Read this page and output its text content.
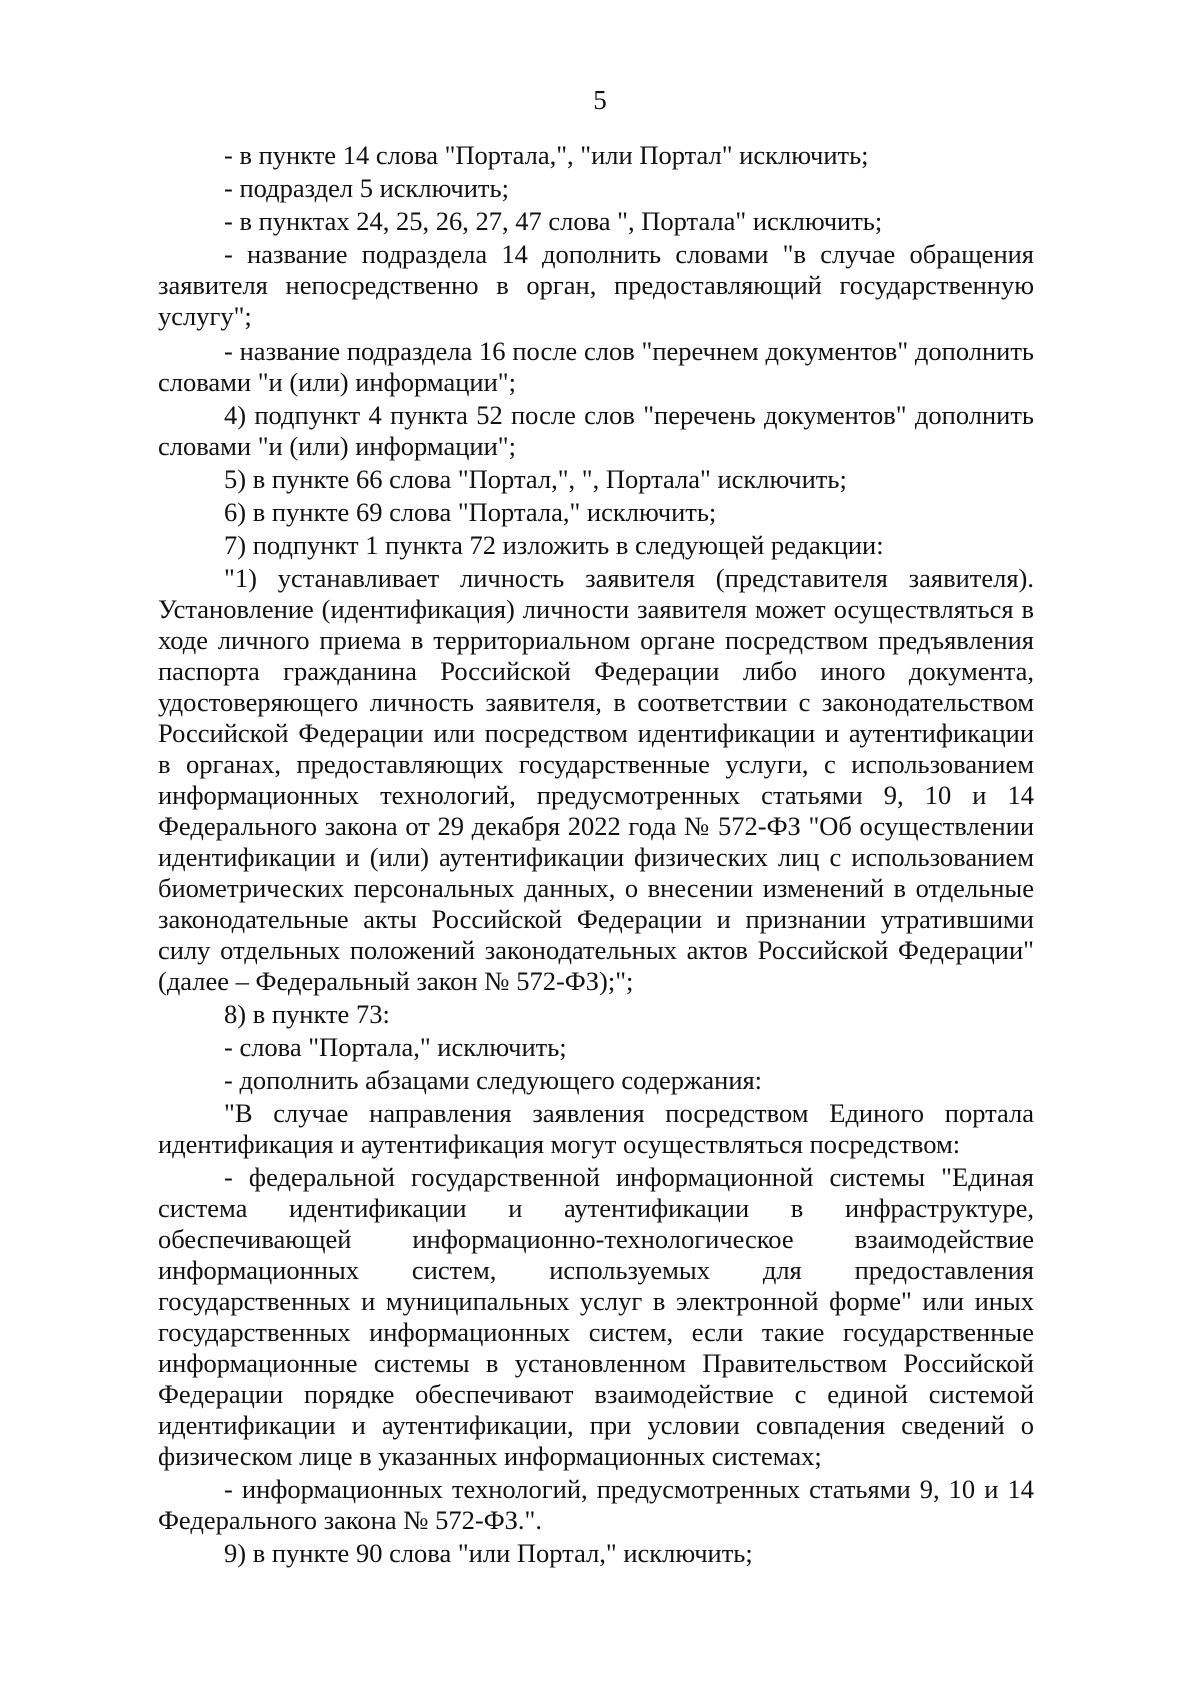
5

- в пункте 14 слова "Портала,", "или Портал" исключить;

- подраздел 5 исключить;

- в пунктах 24, 25, 26, 27, 47 слова ", Портала" исключить;

- название подраздела 14 дополнить словами "в случае обращения заявителя непосредственно в орган, предоставляющий государственную услугу";

- название подраздела 16 после слов "перечнем документов" дополнить словами "и (или) информации";

4) подпункт 4 пункта 52 после слов "перечень документов" дополнить словами "и (или) информации";

5) в пункте 66 слова "Портал,", ", Портала" исключить;

6) в пункте 69 слова "Портала," исключить;

7) подпункт 1 пункта 72 изложить в следующей редакции:

"1) устанавливает личность заявителя (представителя заявителя). Установление (идентификация) личности заявителя может осуществляться в ходе личного приема в территориальном органе посредством предъявления паспорта гражданина Российской Федерации либо иного документа, удостоверяющего личность заявителя, в соответствии с законодательством Российской Федерации или посредством идентификации и аутентификации в органах, предоставляющих государственные услуги, с использованием информационных технологий, предусмотренных статьями 9, 10 и 14 Федерального закона от 29 декабря 2022 года № 572-ФЗ "Об осуществлении идентификации и (или) аутентификации физических лиц с использованием биометрических персональных данных, о внесении изменений в отдельные законодательные акты Российской Федерации и признании утратившими силу отдельных положений законодательных актов Российской Федерации" (далее – Федеральный закон № 572-ФЗ);";

8) в пункте 73:

- слова "Портала," исключить;

- дополнить абзацами следующего содержания:

"В случае направления заявления посредством Единого портала идентификация и аутентификация могут осуществляться посредством:

- федеральной государственной информационной системы "Единая система идентификации и аутентификации в инфраструктуре, обеспечивающей информационно-технологическое взаимодействие информационных систем, используемых для предоставления государственных и муниципальных услуг в электронной форме" или иных государственных информационных систем, если такие государственные информационные системы в установленном Правительством Российской Федерации порядке обеспечивают взаимодействие с единой системой идентификации и аутентификации, при условии совпадения сведений о физическом лице в указанных информационных системах;

- информационных технологий, предусмотренных статьями 9, 10 и 14 Федерального закона № 572-ФЗ.".

9) в пункте 90 слова "или Портал," исключить;
